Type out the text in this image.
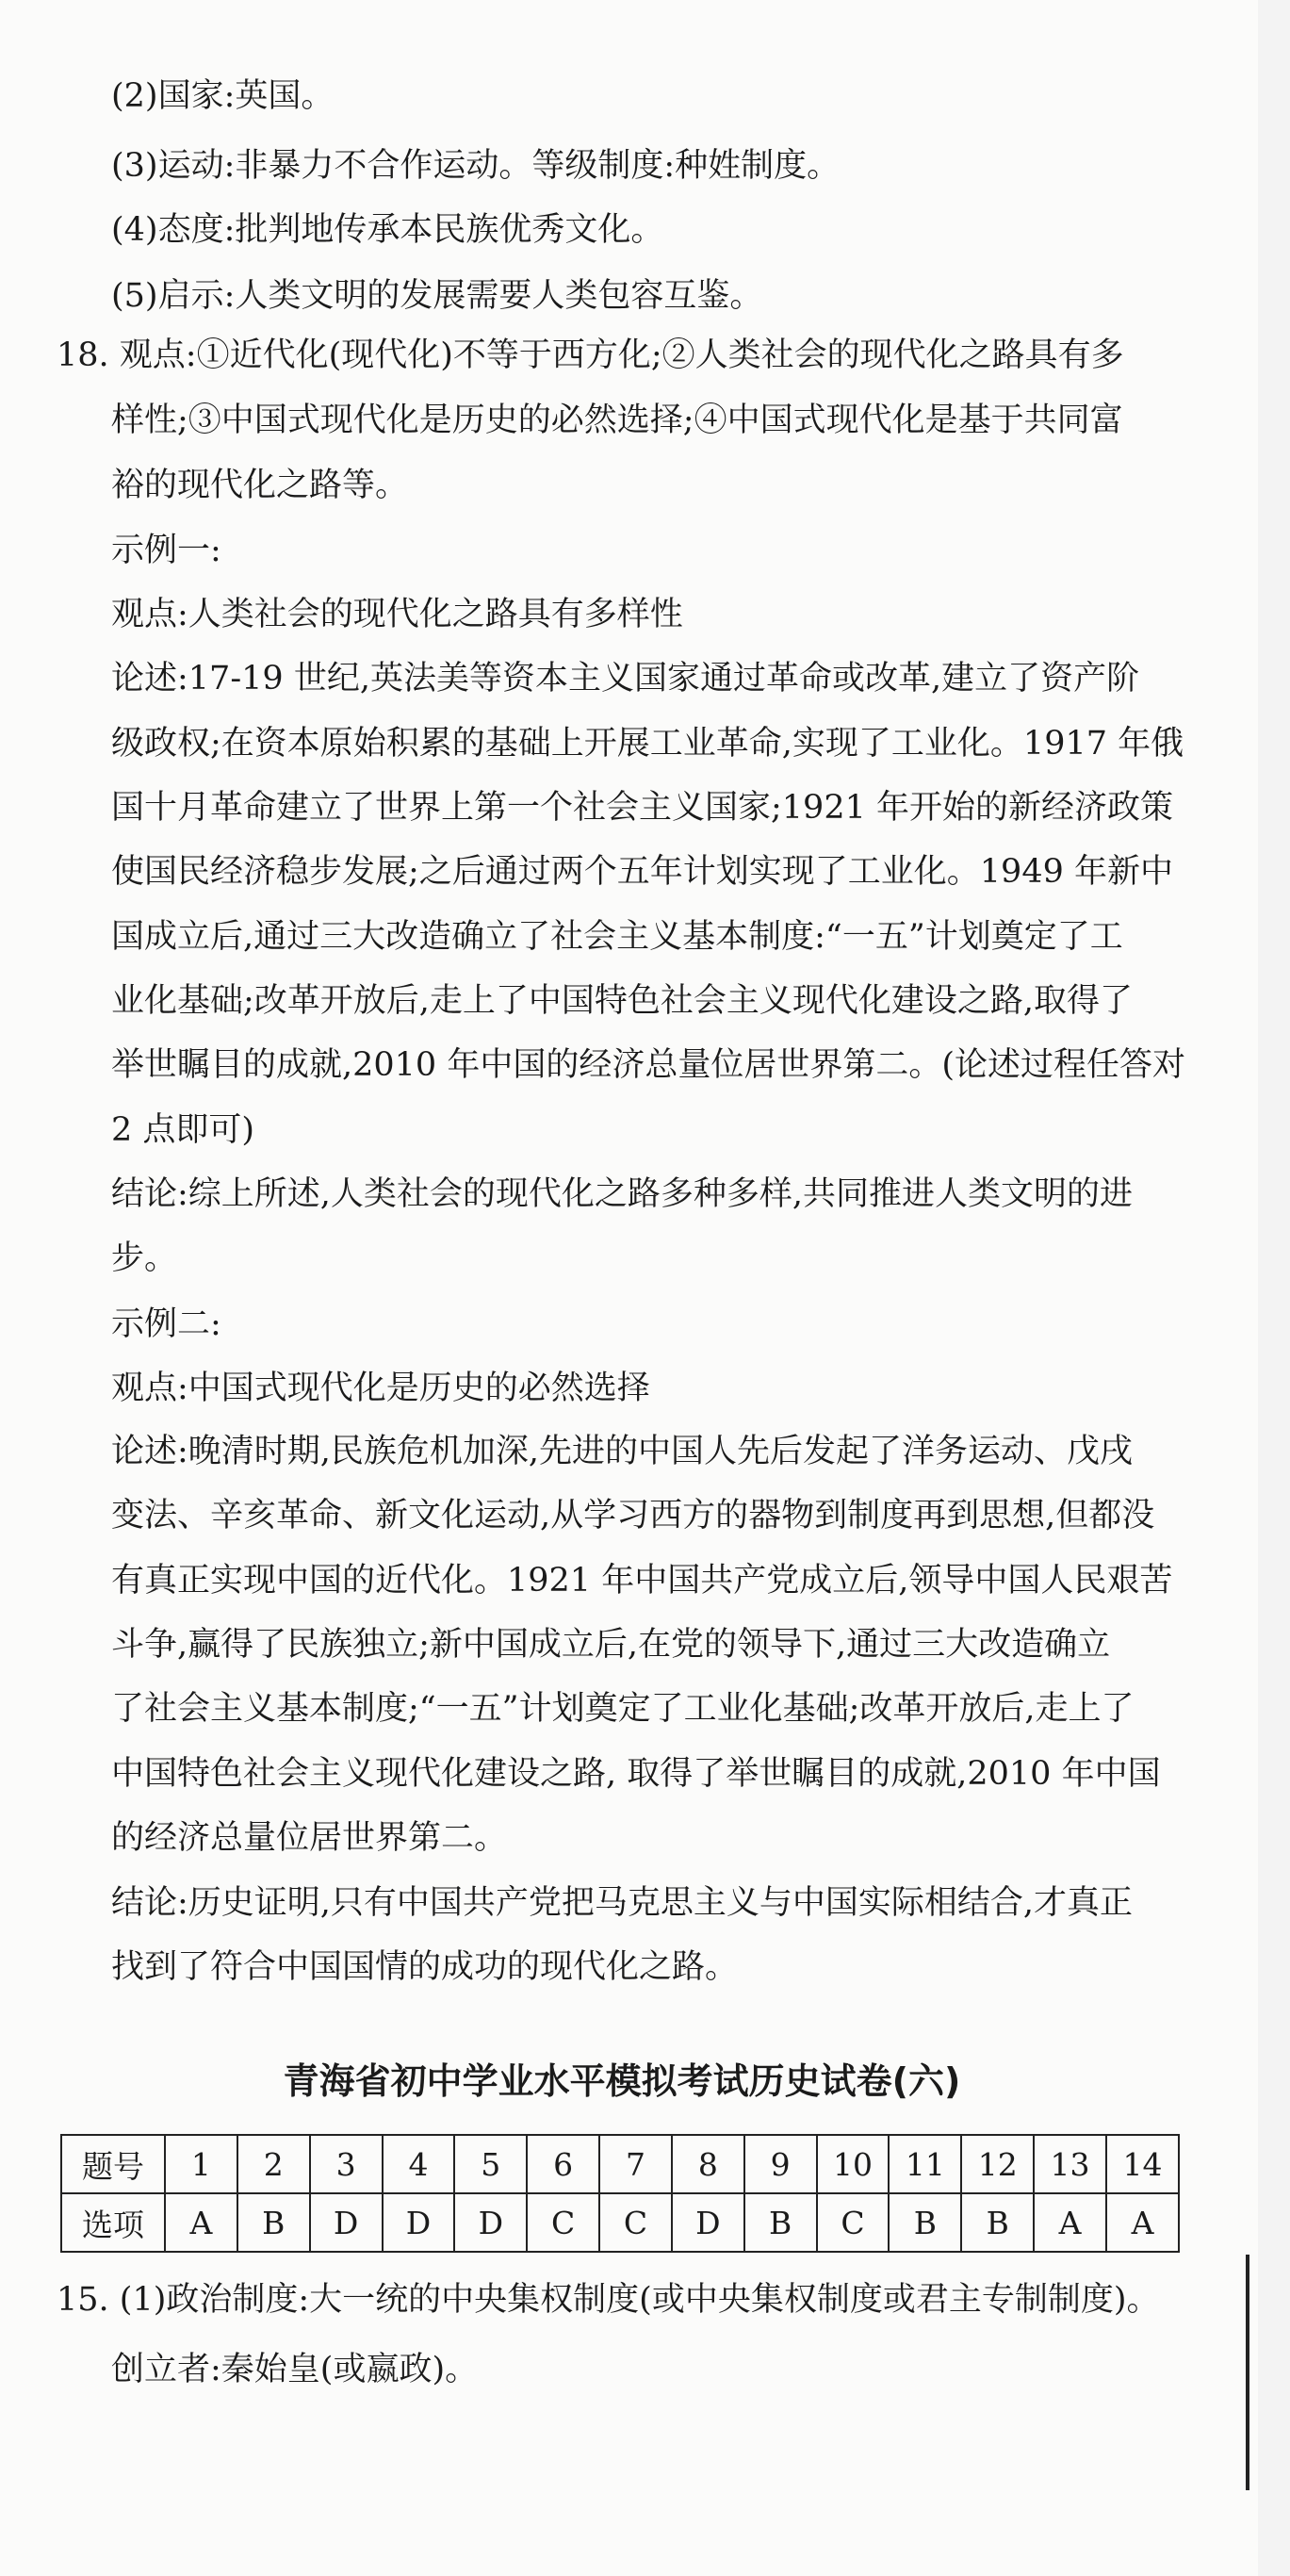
(2)国家:英国。
(3)运动:非暴力不合作运动。等级制度:种姓制度。
(4)态度:批判地传承本民族优秀文化。
(5)启示:人类文明的发展需要人类包容互鉴。
18. 观点:①近代化(现代化)不等于西方化;②人类社会的现代化之路具有多
样性;③中国式现代化是历史的必然选择;④中国式现代化是基于共同富
裕的现代化之路等。
示例一:
观点:人类社会的现代化之路具有多样性
论述:17-19 世纪,英法美等资本主义国家通过革命或改革,建立了资产阶
级政权;在资本原始积累的基础上开展工业革命,实现了工业化。1917 年俄
国十月革命建立了世界上第一个社会主义国家;1921 年开始的新经济政策
使国民经济稳步发展;之后通过两个五年计划实现了工业化。1949 年新中
国成立后,通过三大改造确立了社会主义基本制度:“一五”计划奠定了工
业化基础;改革开放后,走上了中国特色社会主义现代化建设之路,取得了
举世瞩目的成就,2010 年中国的经济总量位居世界第二。(论述过程任答对
2 点即可)
结论:综上所述,人类社会的现代化之路多种多样,共同推进人类文明的进
步。
示例二:
观点:中国式现代化是历史的必然选择
论述:晚清时期,民族危机加深,先进的中国人先后发起了洋务运动、戊戌
变法、辛亥革命、新文化运动,从学习西方的器物到制度再到思想,但都没
有真正实现中国的近代化。1921 年中国共产党成立后,领导中国人民艰苦
斗争,赢得了民族独立;新中国成立后,在党的领导下,通过三大改造确立
了社会主义基本制度;“一五”计划奠定了工业化基础;改革开放后,走上了
中国特色社会主义现代化建设之路, 取得了举世瞩目的成就,2010 年中国
的经济总量位居世界第二。
结论:历史证明,只有中国共产党把马克思主义与中国实际相结合,才真正
找到了符合中国国情的成功的现代化之路。
青海省初中学业水平模拟考试历史试卷(六)
题号	1	2	3	4	5	6	7	8	9	10	11	12	13	14
选项	A	B	D	D	D	C	C	D	B	C	B	B	A	A
15. (1)政治制度:大一统的中央集权制度(或中央集权制度或君主专制制度)。
创立者:秦始皇(或嬴政)。
